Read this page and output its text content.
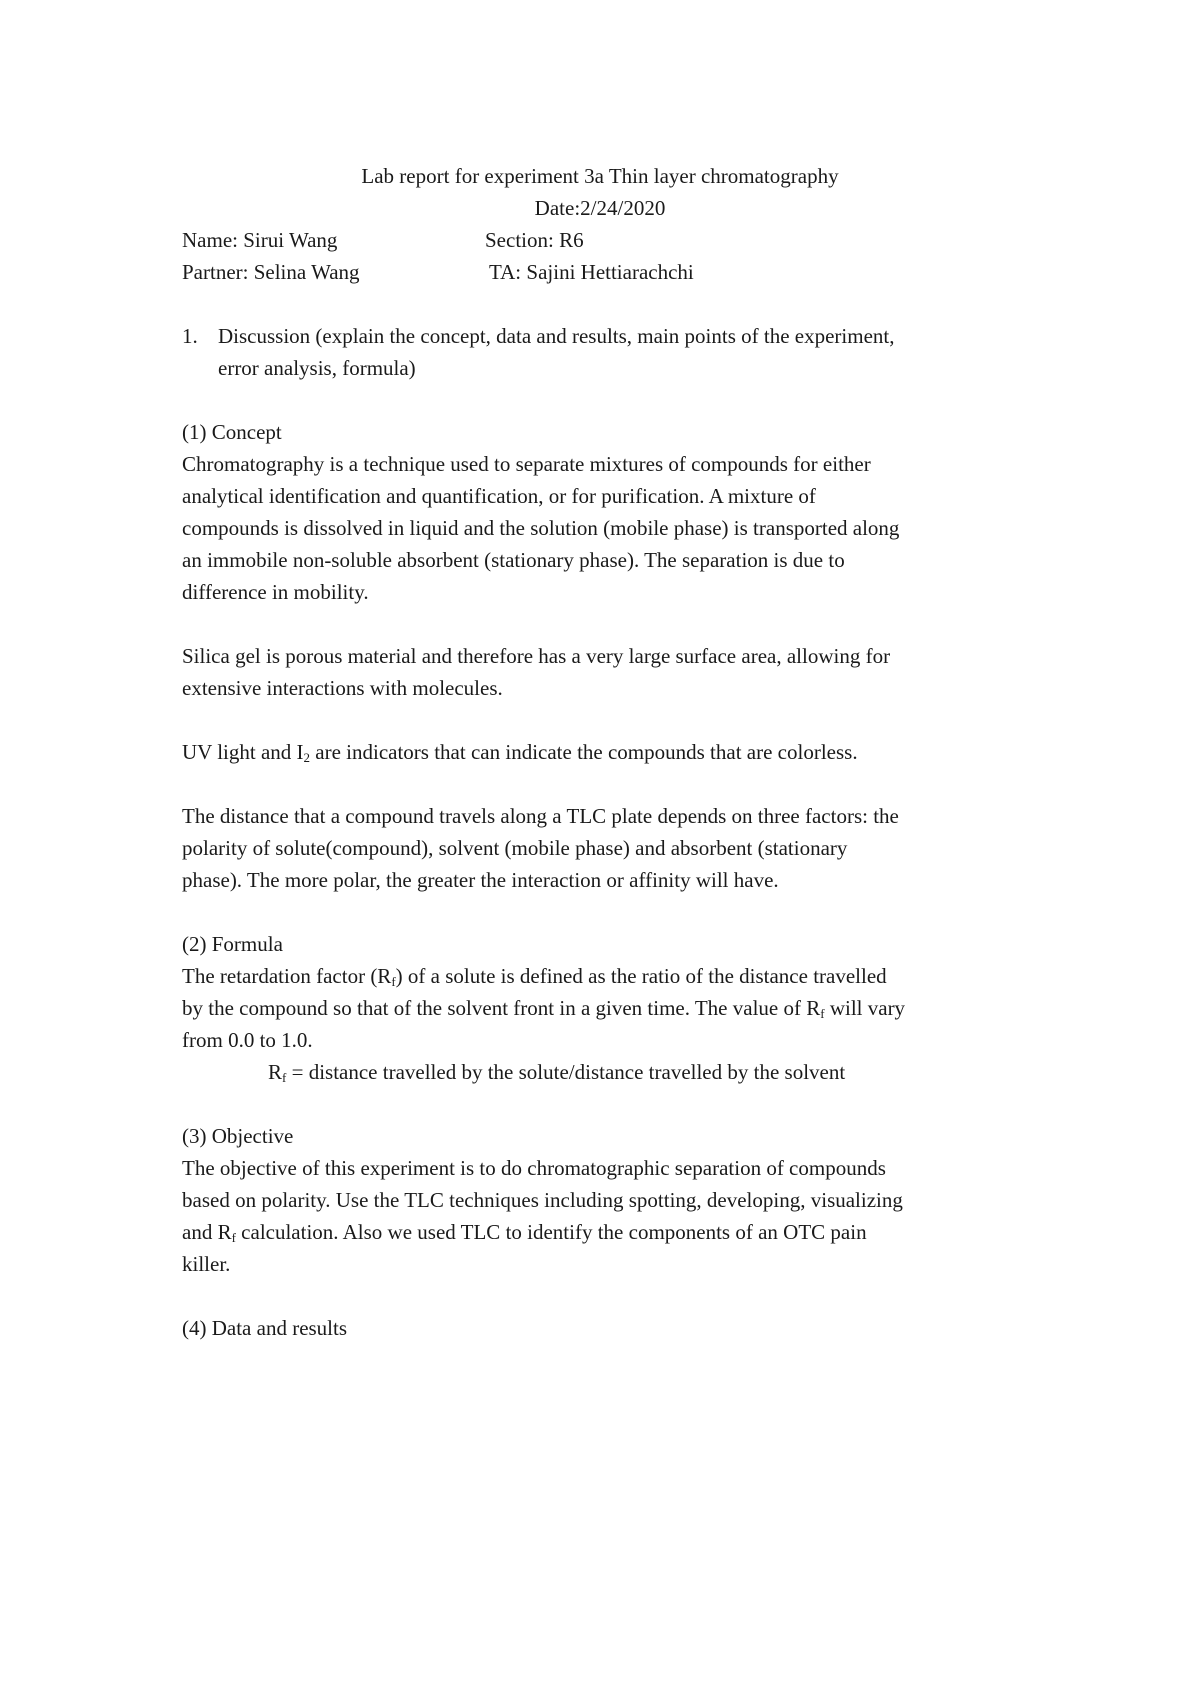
Lab report for experiment 3a Thin layer chromatography
Date:2/24/2020
Name: Sirui Wang	Section: R6
Partner: Selina Wang	TA: Sajini Hettiarachchi
1. Discussion (explain the concept, data and results, main points of the experiment,
error analysis, formula)
(1) Concept
Chromatography is a technique used to separate mixtures of compounds for either
analytical identification and quantification, or for purification. A mixture of
compounds is dissolved in liquid and the solution (mobile phase) is transported along
an immobile non-soluble absorbent (stationary phase). The separation is due to
difference in mobility.
Silica gel is porous material and therefore has a very large surface area, allowing for
extensive interactions with molecules.
UV light and $I_2$ are indicators that can indicate the compounds that are colorless.
The distance that a compound travels along a TLC plate depends on three factors: the
polarity of solute(compound), solvent (mobile phase) and absorbent (stationary
phase). The more polar, the greater the interaction or affinity will have.
(2) Formula
The retardation factor $(R_f)$ of a solute is defined as the ratio of the distance travelled
by the compound so that of the solvent front in a given time. The value of $R_f$ will vary
from 0.0 to 1.0.
$R_f$ = distance travelled by the solute/distance travelled by the solvent
(3) Objective
The objective of this experiment is to do chromatographic separation of compounds
based on polarity. Use the TLC techniques including spotting, developing, visualizing
and $R_f$ calculation. Also we used TLC to identify the components of an OTC pain
killer.
(4) Data and results
